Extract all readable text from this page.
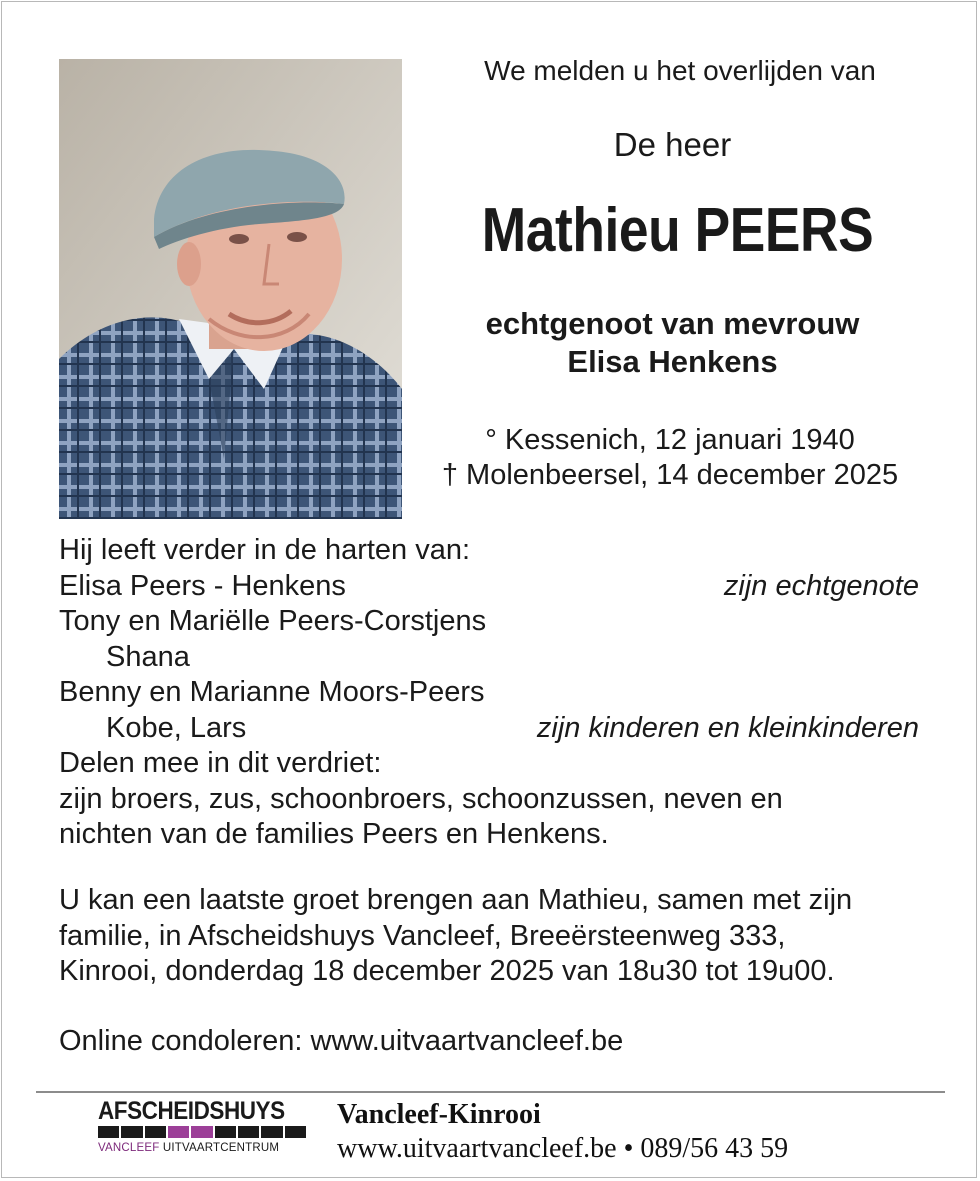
We melden u het overlijden van
De heer
Mathieu PEERS
echtgenoot van mevrouw
Elisa Henkens
° Kessenich, 12 januari 1940
† Molenbeersel, 14 december 2025
Hij leeft verder in de harten van:
Elisa Peers - Henkens	zijn echtgenote
Tony en Mariëlle Peers-Corstjens
Shana
Benny en Marianne Moors-Peers
Kobe, Lars	zijn kinderen en kleinkinderen
Delen mee in dit verdriet:
zijn broers, zus, schoonbroers, schoonzussen, neven en
nichten van de families Peers en Henkens.
U kan een laatste groet brengen aan Mathieu, samen met zijn
familie, in Afscheidshuys Vancleef, Breeërsteenweg 333,
Kinrooi, donderdag 18 december 2025 van 18u30 tot 19u00.
Online condoleren: www.uitvaartvancleef.be
AFSCHEIDSHUYS
VANCLEEF UITVAARTCENTRUM
Vancleef-Kinrooi
www.uitvaartvancleef.be • 089/56 43 59
